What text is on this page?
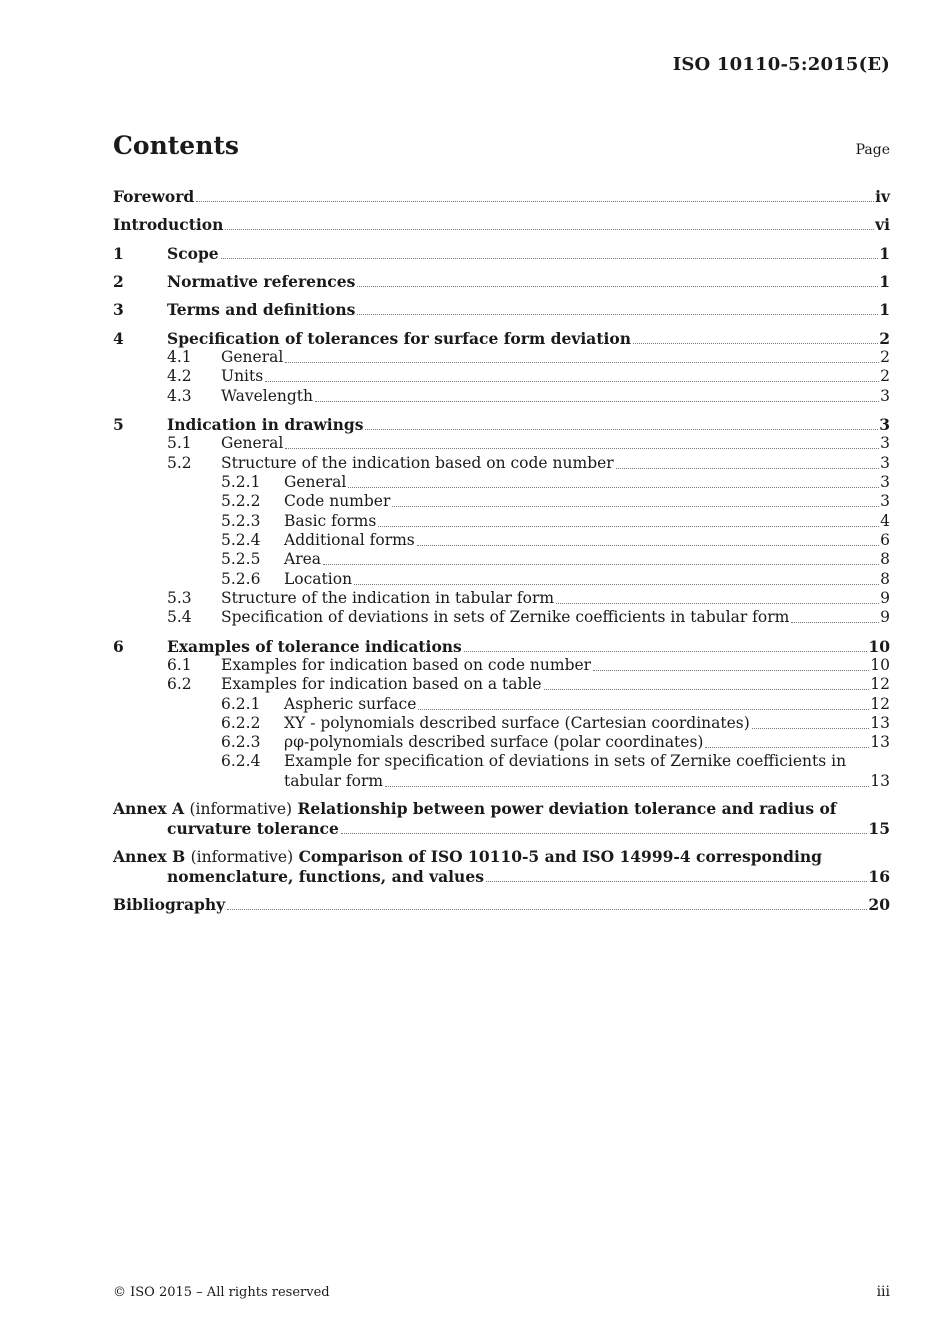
ISO 10110-5:2015(E)
Contents	Page
Foreword	iv
Introduction	vi
1	Scope	1
2	Normative references	1
3	Terms and definitions	1
4	Specification of tolerances for surface form deviation	2
4.1	General	2
4.2	Units	2
4.3	Wavelength	3
5	Indication in drawings	3
5.1	General	3
5.2	Structure of the indication based on code number	3
5.2.1	General	3
5.2.2	Code number	3
5.2.3	Basic forms	4
5.2.4	Additional forms	6
5.2.5	Area	8
5.2.6	Location	8
5.3	Structure of the indication in tabular form	9
5.4	Specification of deviations in sets of Zernike coefficients in tabular form	9
6	Examples of tolerance indications	10
6.1	Examples for indication based on code number	10
6.2	Examples for indication based on a table	12
6.2.1	Aspheric surface	12
6.2.2	XY - polynomials described surface (Cartesian coordinates)	13
6.2.3	ρφ-polynomials described surface (polar coordinates)	13
6.2.4	Example for specification of deviations in sets of Zernike coefficients in
tabular form	13
Annex A (informative) Relationship between power deviation tolerance and radius of
curvature tolerance	15
Annex B (informative) Comparison of ISO 10110-5 and ISO 14999-4 corresponding
nomenclature, functions, and values	16
Bibliography	20
© ISO 2015 – All rights reserved	iii
